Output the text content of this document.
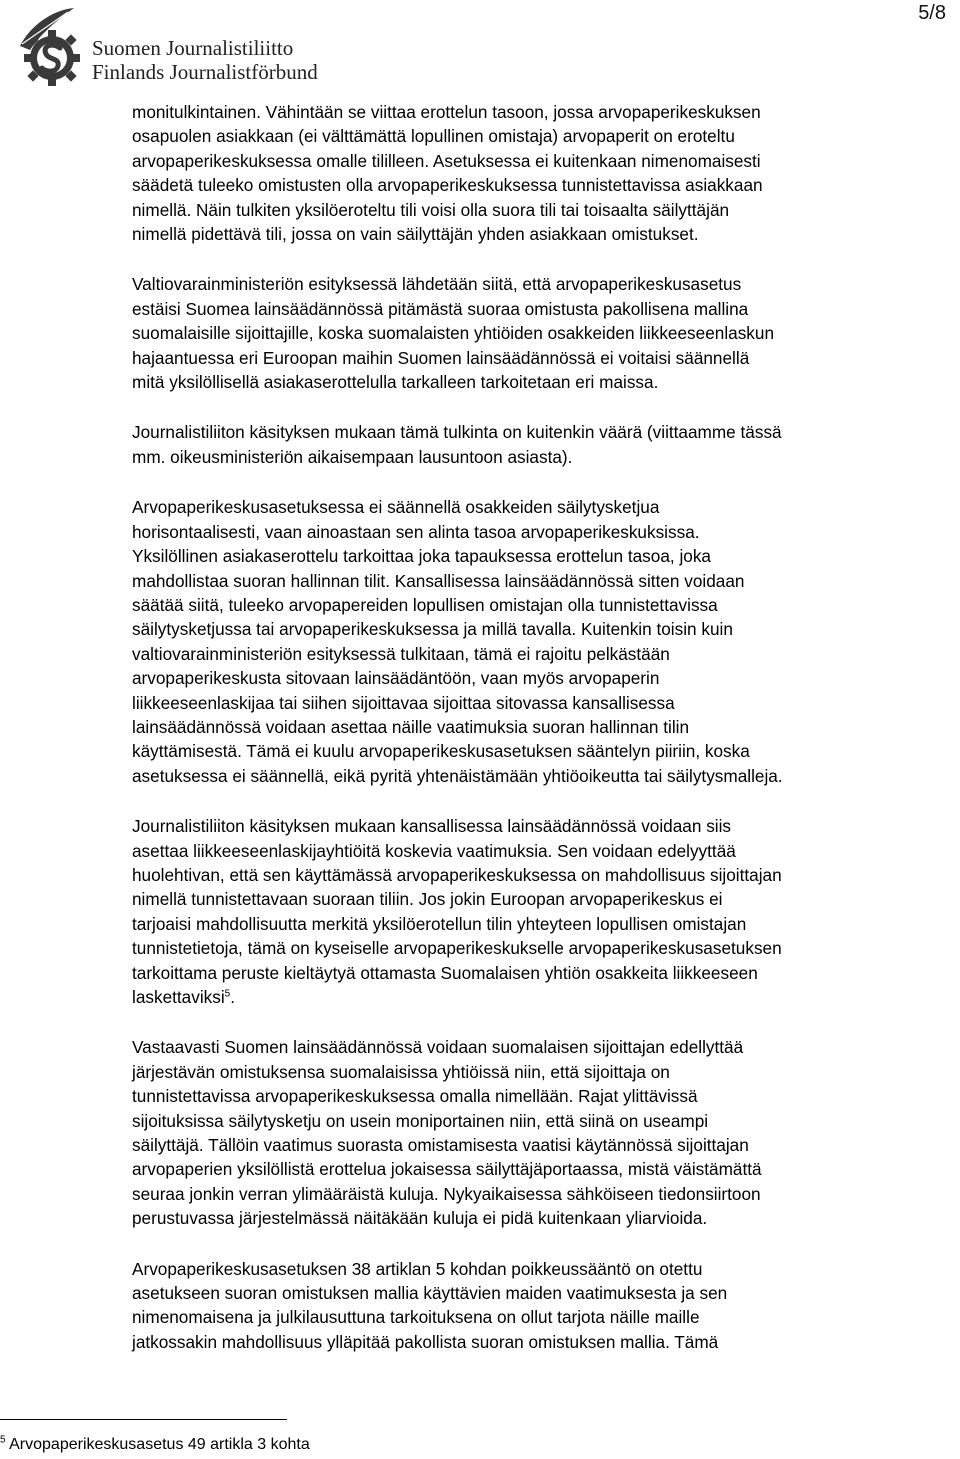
Suomen Journalistiliitto
Finlands Journalistförbund
5/8

monitulkintainen. Vähintään se viittaa erottelun tasoon, jossa arvopaperikeskuksen
osapuolen asiakkaan (ei välttämättä lopullinen omistaja) arvopaperit on eroteltu
arvopaperikeskuksessa omalle tililleen. Asetuksessa ei kuitenkaan nimenomaisesti
säädetä tuleeko omistusten olla arvopaperikeskuksessa tunnistettavissa asiakkaan
nimellä. Näin tulkiten yksilöeroteltu tili voisi olla suora tili tai toisaalta säilyttäjän
nimellä pidettävä tili, jossa on vain säilyttäjän yhden asiakkaan omistukset.

Valtiovarainministeriön esityksessä lähdetään siitä, että arvopaperikeskusasetus
estäisi Suomea lainsäädännössä pitämästä suoraa omistusta pakollisena mallina
suomalaisille sijoittajille, koska suomalaisten yhtiöiden osakkeiden liikkeeseenlaskun
hajaantuessa eri Euroopan maihin Suomen lainsäädännössä ei voitaisi säännellä
mitä yksilöllisellä asiakaserottelulla tarkalleen tarkoitetaan eri maissa.

Journalistiliiton käsityksen mukaan tämä tulkinta on kuitenkin väärä (viittaamme tässä
mm. oikeusministeriön aikaisempaan lausuntoon asiasta).

Arvopaperikeskusasetuksessa ei säännellä osakkeiden säilytysketjua
horisontaalisesti, vaan ainoastaan sen alinta tasoa arvopaperikeskuksissa.
Yksilöllinen asiakaserottelu tarkoittaa joka tapauksessa erottelun tasoa, joka
mahdollistaa suoran hallinnan tilit. Kansallisessa lainsäädännössä sitten voidaan
säätää siitä, tuleeko arvopapereiden lopullisen omistajan olla tunnistettavissa
säilytysketjussa tai arvopaperikeskuksessa ja millä tavalla. Kuitenkin toisin kuin
valtiovarainministeriön esityksessä tulkitaan, tämä ei rajoitu pelkästään
arvopaperikeskusta sitovaan lainsäädäntöön, vaan myös arvopaperin
liikkeeseenlaskijaa tai siihen sijoittavaa sijoittaa sitovassa kansallisessa
lainsäädännössä voidaan asettaa näille vaatimuksia suoran hallinnan tilin
käyttämisestä. Tämä ei kuulu arvopaperikeskusasetuksen sääntelyn piiriin, koska
asetuksessa ei säännellä, eikä pyritä yhtenäistämään yhtiöoikeutta tai säilytysmalleja.

Journalistiliiton käsityksen mukaan kansallisessa lainsäädännössä voidaan siis
asettaa liikkeeseenlaskijayhtiöitä koskevia vaatimuksia. Sen voidaan edelyyttää
huolehtivan, että sen käyttämässä arvopaperikeskuksessa on mahdollisuus sijoittajan
nimellä tunnistettavaan suoraan tiliin. Jos jokin Euroopan arvopaperikeskus ei
tarjoaisi mahdollisuutta merkitä yksilöerotellun tilin yhteyteen lopullisen omistajan
tunnistetietoja, tämä on kyseiselle arvopaperikeskukselle arvopaperikeskusasetuksen
tarkoittama peruste kieltäytyä ottamasta Suomalaisen yhtiön osakkeita liikkeeseen
laskettaviksi$^5$.

Vastaavasti Suomen lainsäädännössä voidaan suomalaisen sijoittajan edellyttää
järjestävän omistuksensa suomalaisissa yhtiöissä niin, että sijoittaja on
tunnistettavissa arvopaperikeskuksessa omalla nimellään. Rajat ylittävissä
sijoituksissa säilytysketju on usein moniportainen niin, että siinä on useampi
säilyttäjä. Tällöin vaatimus suorasta omistamisesta vaatisi käytännössä sijoittajan
arvopaperien yksilöllistä erottelua jokaisessa säilyttäjäportaassa, mistä väistämättä
seuraa jonkin verran ylimääräistä kuluja. Nykyaikaisessa sähköiseen tiedonsiirtoon
perustuvassa järjestelmässä näitäkään kuluja ei pidä kuitenkaan yliarvioida.

Arvopaperikeskusasetuksen 38 artiklan 5 kohdan poikkeussääntö on otettu
asetukseen suoran omistuksen mallia käyttävien maiden vaatimuksesta ja sen
nimenomaisena ja julkilausuttuna tarkoituksena on ollut tarjota näille maille
jatkossakin mahdollisuus ylläpitää pakollista suoran omistuksen mallia. Tämä

$^5$ Arvopaperikeskusasetus 49 artikla 3 kohta
